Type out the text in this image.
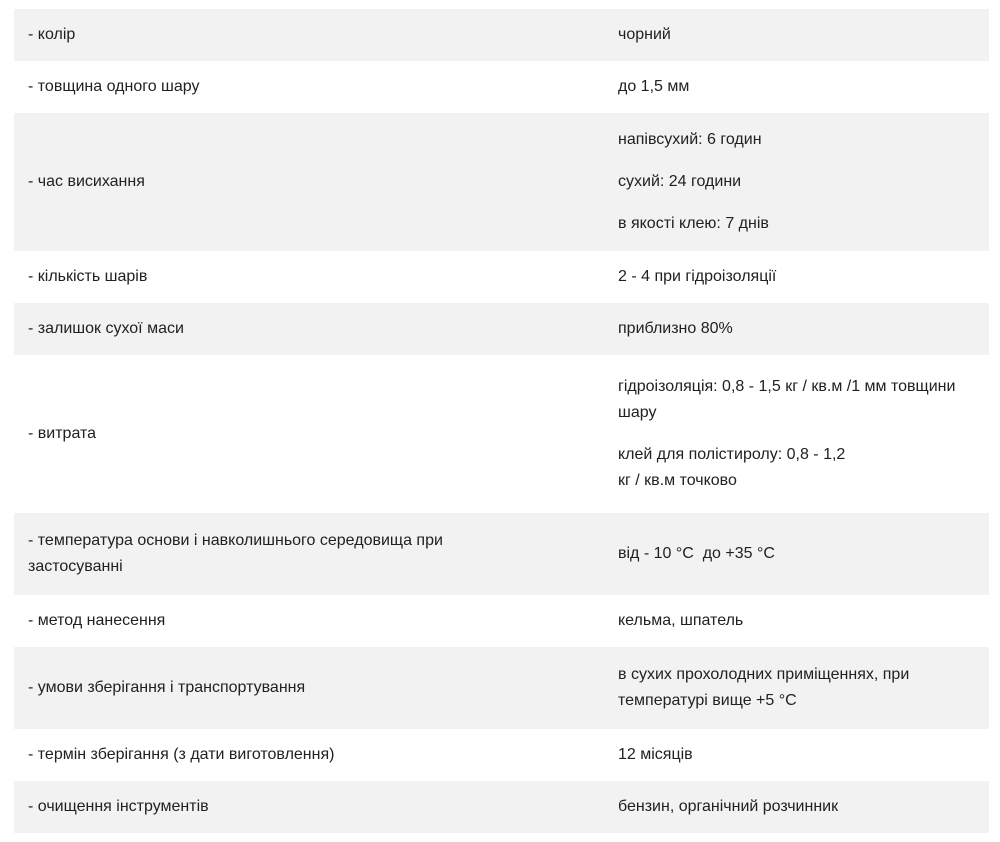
- колір	чорний

- товщина одного шару	до 1,5 мм

- час висихання	напівсухий: 6 годин
сухий: 24 години
в якості клею: 7 днів

- кількість шарів	2 - 4 при гідроізоляції

- залишок сухої маси	приблизно 80%

- витрата	гідроізоляція: 0,8 - 1,5 кг / кв.м /1 мм товщини шару
клей для полістиролу: 0,8 - 1,2 кг / кв.м точково

- температура основи і навколишнього середовища при застосуванні	від - 10 °C  до +35 °C

- метод нанесення	кельма, шпатель

- умови зберігання і транспортування	в сухих прохолодних приміщеннях, при температурі вище +5 °C

- термін зберігання (з дати виготовлення)	12 місяців

- очищення інструментів	бензин, органічний розчинник
